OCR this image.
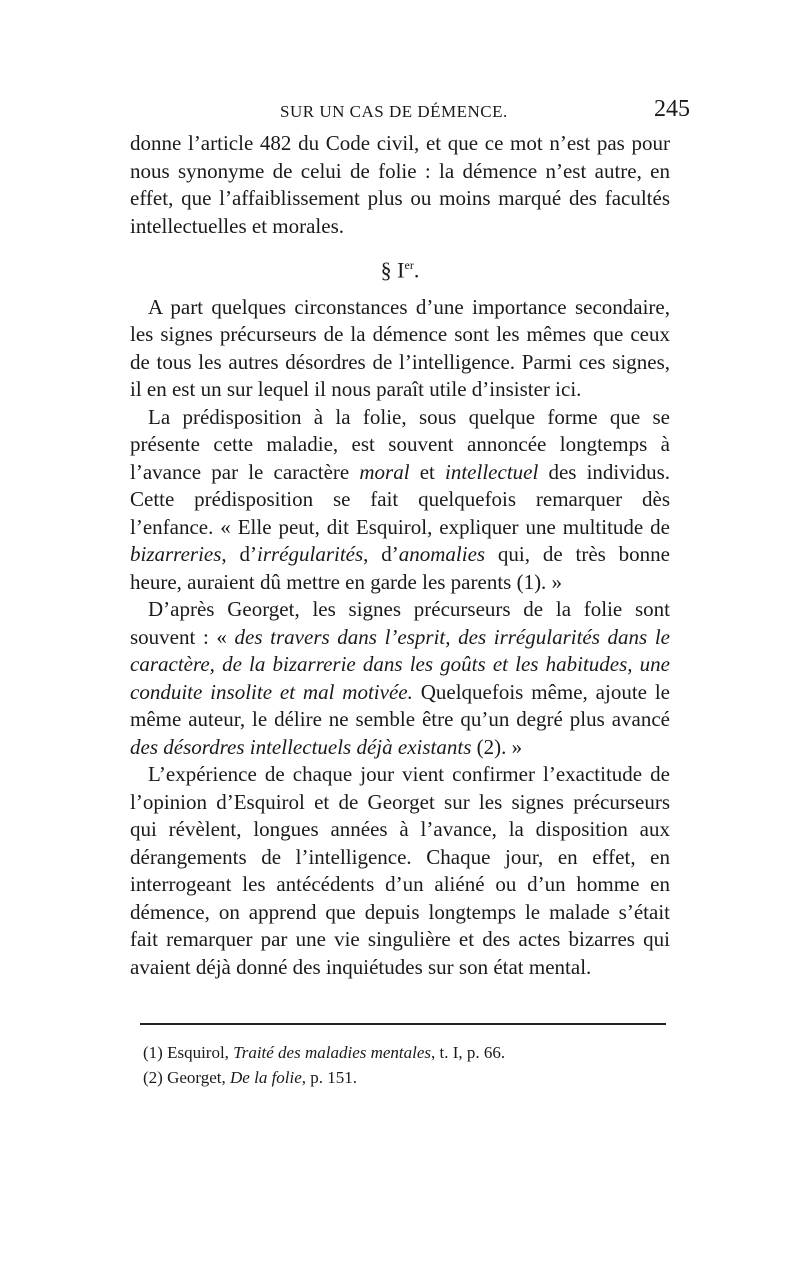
SUR UN CAS DE DÉMENCE.	245

donne l’article 482 du Code civil, et que ce mot n’est pas pour nous synonyme de celui de folie : la démence n’est autre, en effet, que l’affaiblissement plus ou moins marqué des facultés intellectuelles et morales.

§ Ier.

A part quelques circonstances d’une importance secondaire, les signes précurseurs de la démence sont les mêmes que ceux de tous les autres désordres de l’intelligence. Parmi ces signes, il en est un sur lequel il nous paraît utile d’insister ici.

La prédisposition à la folie, sous quelque forme que se présente cette maladie, est souvent annoncée longtemps à l’avance par le caractère moral et intellectuel des individus. Cette prédisposition se fait quelquefois remarquer dès l’enfance. « Elle peut, dit Esquirol, expliquer une multitude de bizarreries, d’irrégularités, d’anomalies qui, de très bonne heure, auraient dû mettre en garde les parents (1). »

D’après Georget, les signes précurseurs de la folie sont souvent : « des travers dans l’esprit, des irrégularités dans le caractère, de la bizarrerie dans les goûts et les habitudes, une conduite insolite et mal motivée. Quelquefois même, ajoute le même auteur, le délire ne semble être qu’un degré plus avancé des désordres intellectuels déjà existants (2). »

L’expérience de chaque jour vient confirmer l’exactitude de l’opinion d’Esquirol et de Georget sur les signes précurseurs qui révèlent, longues années à l’avance, la disposition aux dérangements de l’intelligence. Chaque jour, en effet, en interrogeant les antécédents d’un aliéné ou d’un homme en démence, on apprend que depuis longtemps le malade s’était fait remarquer par une vie singulière et des actes bizarres qui avaient déjà donné des inquiétudes sur son état mental.

(1) Esquirol, Traité des maladies mentales, t. I, p. 66.
(2) Georget, De la folie, p. 151.
